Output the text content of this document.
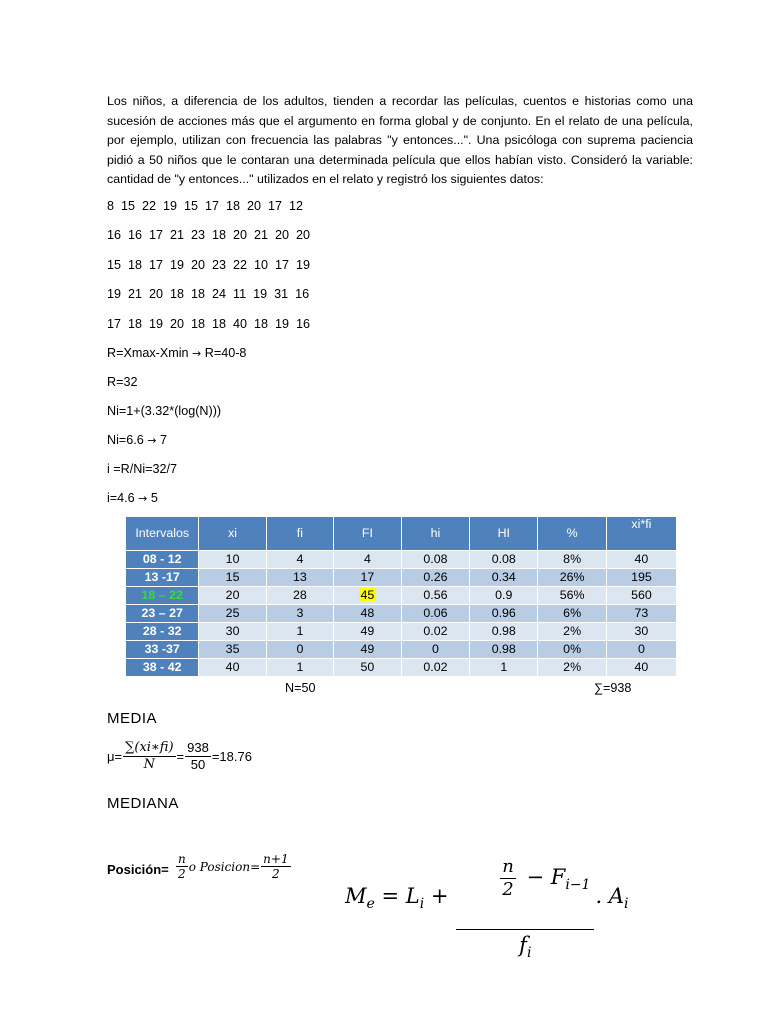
Los niños, a diferencia de los adultos, tienden a recordar las películas, cuentos e historias como una sucesión de acciones más que el argumento en forma global y de conjunto. En el relato de una película, por ejemplo, utilizan con frecuencia las palabras "y entonces...". Una psicóloga con suprema paciencia pidió a 50 niños que le contaran una determinada película que ellos habían visto. Consideró la variable: cantidad de "y entonces..." utilizados en el relato y registró los siguientes datos:

8  15  22  19  15  17  18  20  17  12

16  16  17  21  23  18  20  21  20  20

15  18  17  19  20  23  22  10  17  19

19  21  20  18  18  24  11  19  31  16

17  18  19  20  18  18  40  18  19  16

R=Xmax-Xmin → R=40-8

R=32

Ni=1+(3.32*(log(N)))

Ni=6.6 → 7

i =R/Ni=32/7

i=4.6 → 5

Intervalos	xi	fi	FI	hi	HI	%	xi*fi
08 - 12	10	4	4	0.08	0.08	8%	40
13 -17	15	13	17	0.26	0.34	26%	195
18 – 22	20	28	45	0.56	0.9	56%	560
23 – 27	25	3	48	0.06	0.96	6%	73
28 - 32	30	1	49	0.02	0.98	2%	30
33 -37	35	0	49	0	0.98	0%	0
38 - 42	40	1	50	0.02	1	2%	40
N=50	∑=938
MEDIA
$\mu= \frac{\sum(xi∗fi)}{N} = \frac{938}{50} =18.76$
MEDIANA
$\frac{n}{2}$ o Posicion= $\frac{n+1}{2}$
$M_e = L_i$ +

$\frac{\frac{n}{2} - F_{i-1}}{f_i}$ . $A_i$
Posición=
